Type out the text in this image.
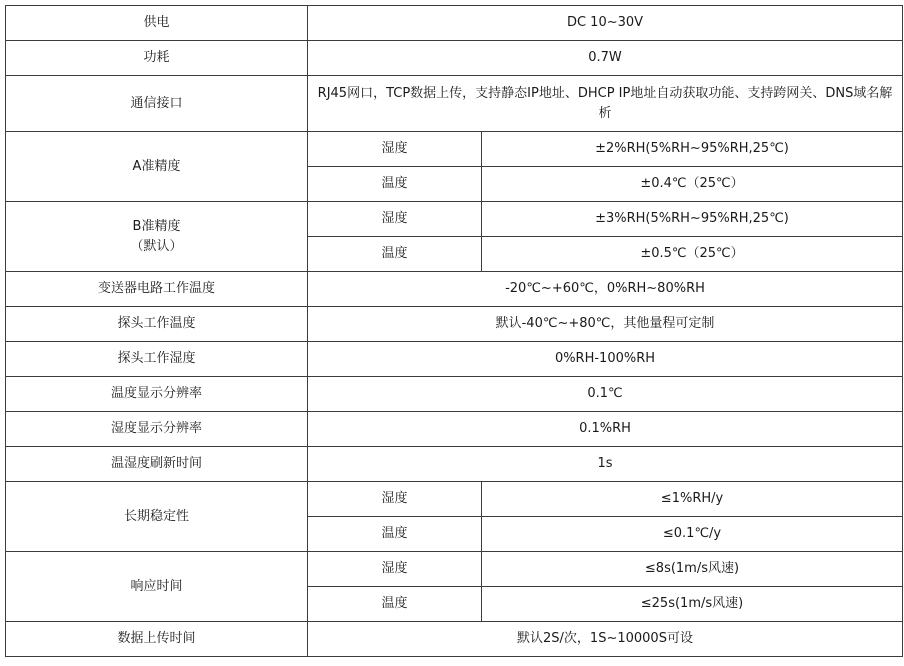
供电	DC 10~30V	
功耗	0.7W	
通信接口	RJ45网口，TCP数据上传，支持静态IP地址、DHCP IP地址自动获取功能、支持跨网关、DNS域名解析	
A准精度	湿度	±2%RH(5%RH~95%RH,25℃)
	温度	±0.4℃（25℃）

B准精度
（默认）	湿度	±3%RH(5%RH~95%RH,25℃)
	温度	±0.5℃（25℃）
变送器电路工作温度	-20℃~+60℃，0%RH~80%RH	
探头工作温度	默认-40℃~+80℃，其他量程可定制	
探头工作湿度	0%RH-100%RH	
温度显示分辨率	0.1℃	
湿度显示分辨率	0.1%RH	
温湿度刷新时间	1s	
长期稳定性	湿度	≤1%RH/y
	温度	≤0.1℃/y
响应时间	湿度	≤8s(1m/s风速)
	温度	≤25s(1m/s风速)
数据上传时间	默认2S/次，1S~10000S可设	
